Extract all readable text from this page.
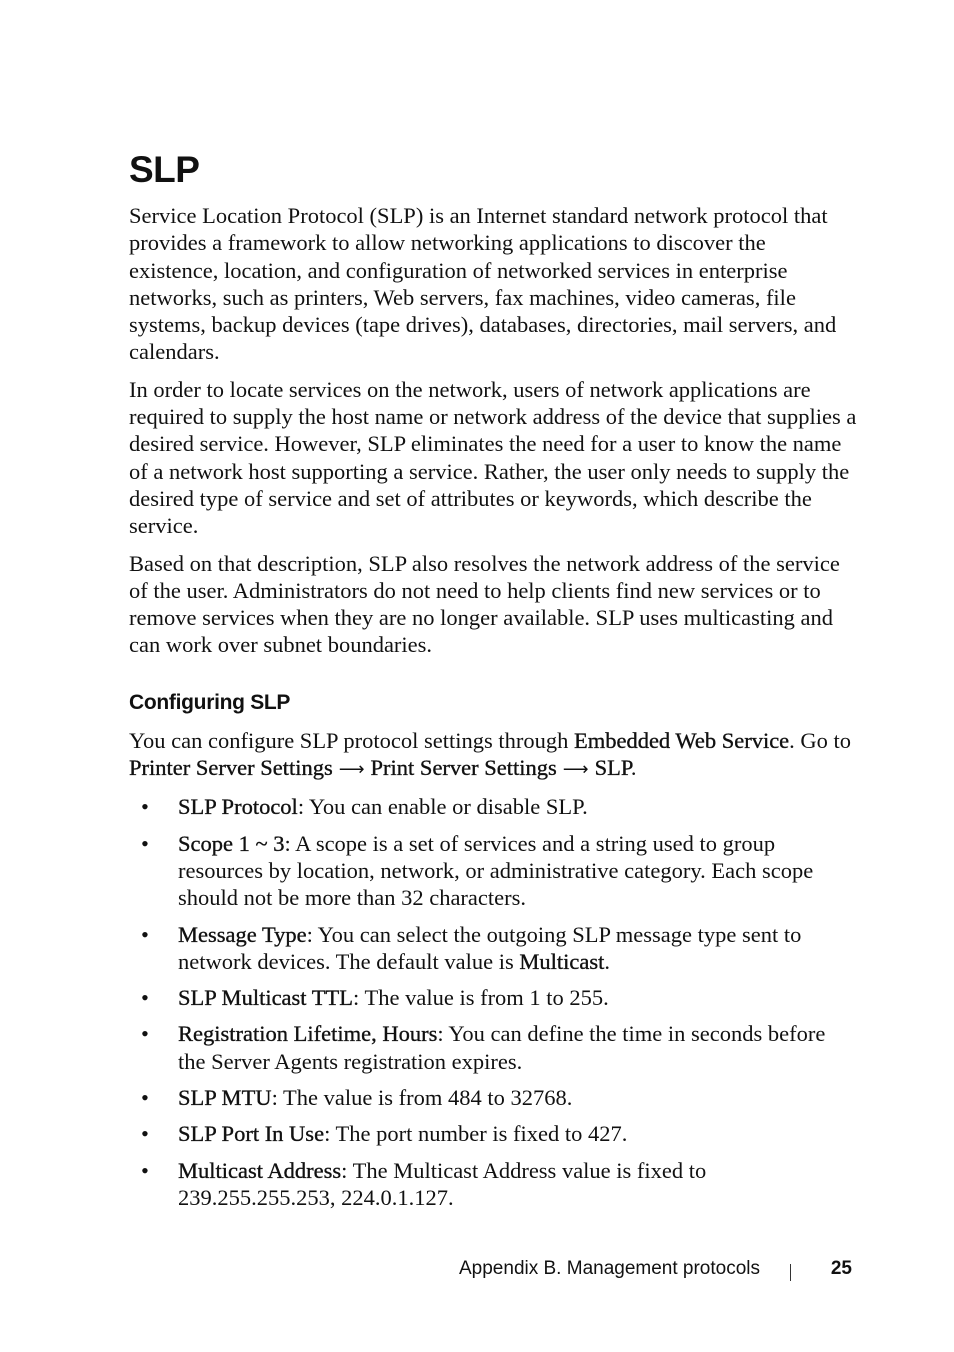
SLP

Service Location Protocol (SLP) is an Internet standard network protocol that provides a framework to allow networking applications to discover the existence, location, and configuration of networked services in enterprise networks, such as printers, Web servers, fax machines, video cameras, file systems, backup devices (tape drives), databases, directories, mail servers, and calendars.

In order to locate services on the network, users of network applications are required to supply the host name or network address of the device that supplies a desired service. However, SLP eliminates the need for a user to know the name of a network host supporting a service. Rather, the user only needs to supply the desired type of service and set of attributes or keywords, which describe the service.

Based on that description, SLP also resolves the network address of the service of the user. Administrators do not need to help clients find new services or to remove services when they are no longer available. SLP uses multicasting and can work over subnet boundaries.

Configuring SLP

You can configure SLP protocol settings through Embedded Web Service. Go to Printer Server Settings ⟶ Print Server Settings ⟶ SLP.

• SLP Protocol: You can enable or disable SLP.
• Scope 1 ~ 3: A scope is a set of services and a string used to group resources by location, network, or administrative category. Each scope should not be more than 32 characters.
• Message Type: You can select the outgoing SLP message type sent to network devices. The default value is Multicast.
• SLP Multicast TTL: The value is from 1 to 255.
• Registration Lifetime, Hours: You can define the time in seconds before the Server Agents registration expires.
• SLP MTU: The value is from 484 to 32768.
• SLP Port In Use: The port number is fixed to 427.
• Multicast Address: The Multicast Address value is fixed to 239.255.255.253, 224.0.1.127.
Appendix B. Management protocols	25
